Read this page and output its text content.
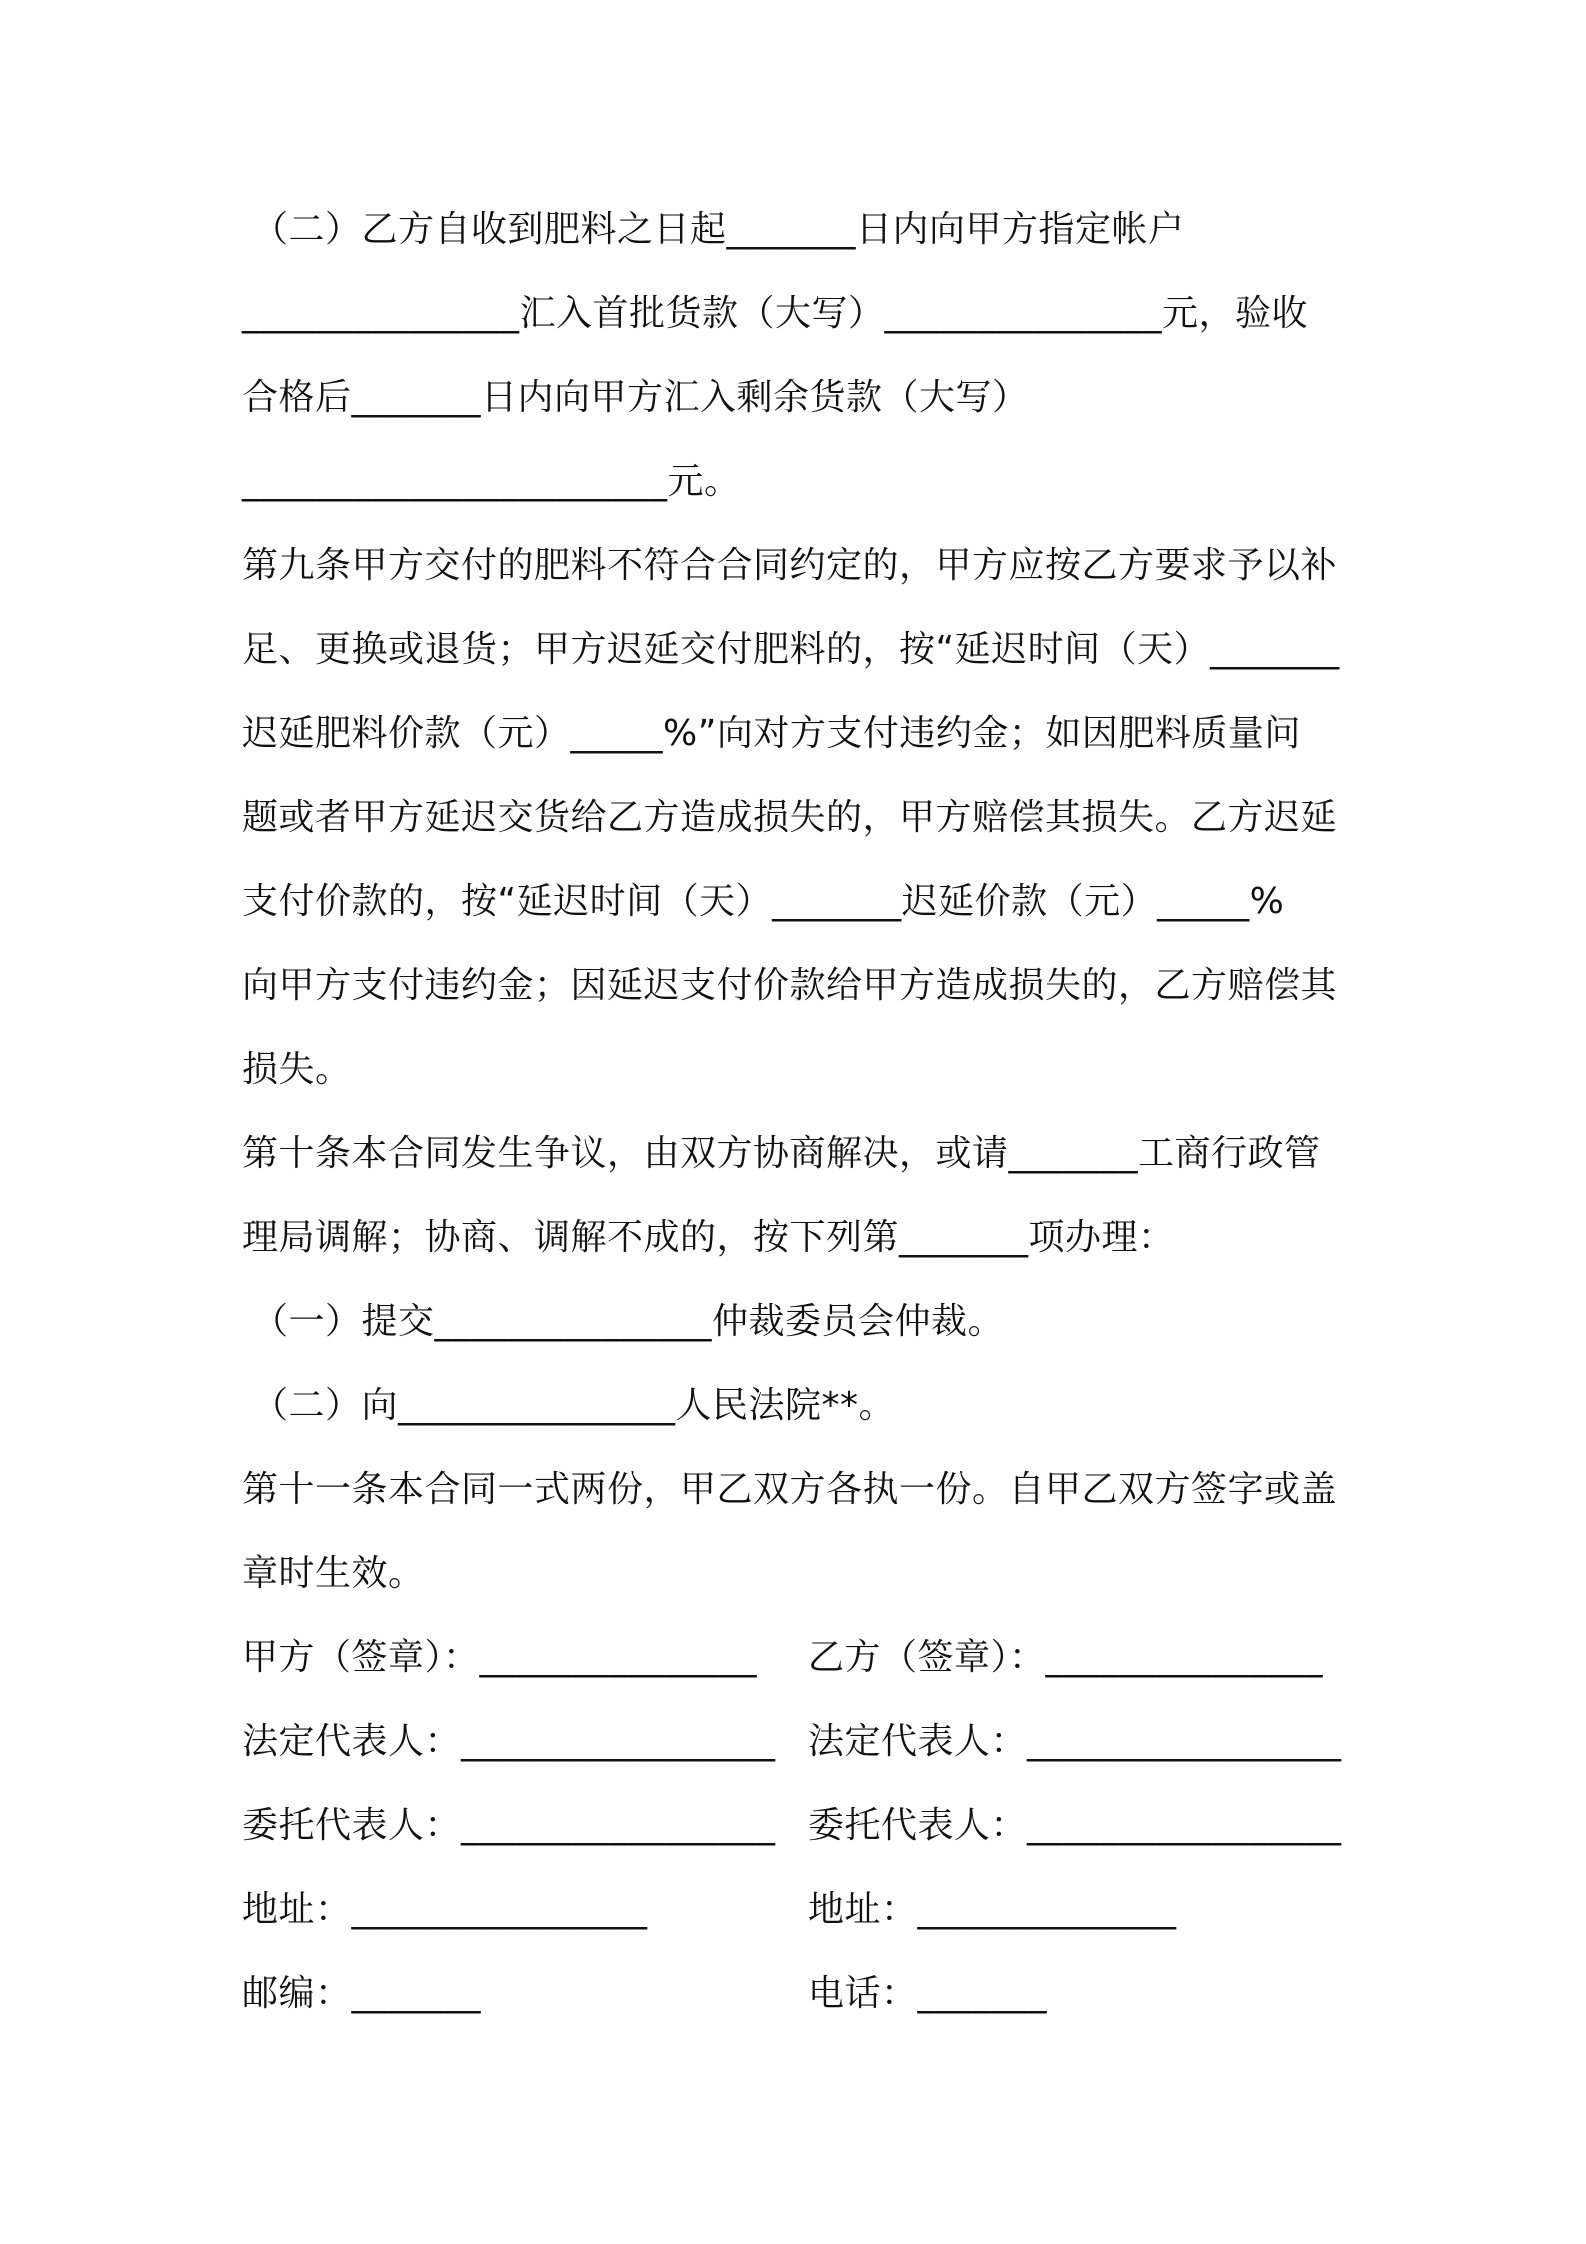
（二）乙方自收到肥料之日起_______日内向甲方指定帐户
_______________汇入首批货款（大写）_______________元，验收
合格后_______日内向甲方汇入剩余货款（大写）
_______________________元。
第九条甲方交付的肥料不符合合同约定的，甲方应按乙方要求予以补
足、更换或退货；甲方迟延交付肥料的，按“延迟时间（天）_______
迟延肥料价款（元）_____%”向对方支付违约金；如因肥料质量问
题或者甲方延迟交货给乙方造成损失的，甲方赔偿其损失。乙方迟延
支付价款的，按“延迟时间（天）_______迟延价款（元）_____%
向甲方支付违约金；因延迟支付价款给甲方造成损失的，乙方赔偿其
损失。
第十条本合同发生争议，由双方协商解决，或请_______工商行政管
理局调解；协商、调解不成的，按下列第_______项办理：
（一）提交_______________仲裁委员会仲裁。
（二）向_______________人民法院**。
第十一条本合同一式两份，甲乙双方各执一份。自甲乙双方签字或盖
章时生效。
甲方（签章）：_______________	乙方（签章）：_______________
法定代表人：_________________ 法定代表人：_________________
委托代表人：_________________ 委托代表人：_________________
地址：________________	地址：______________
邮编：_______	电话：_______
